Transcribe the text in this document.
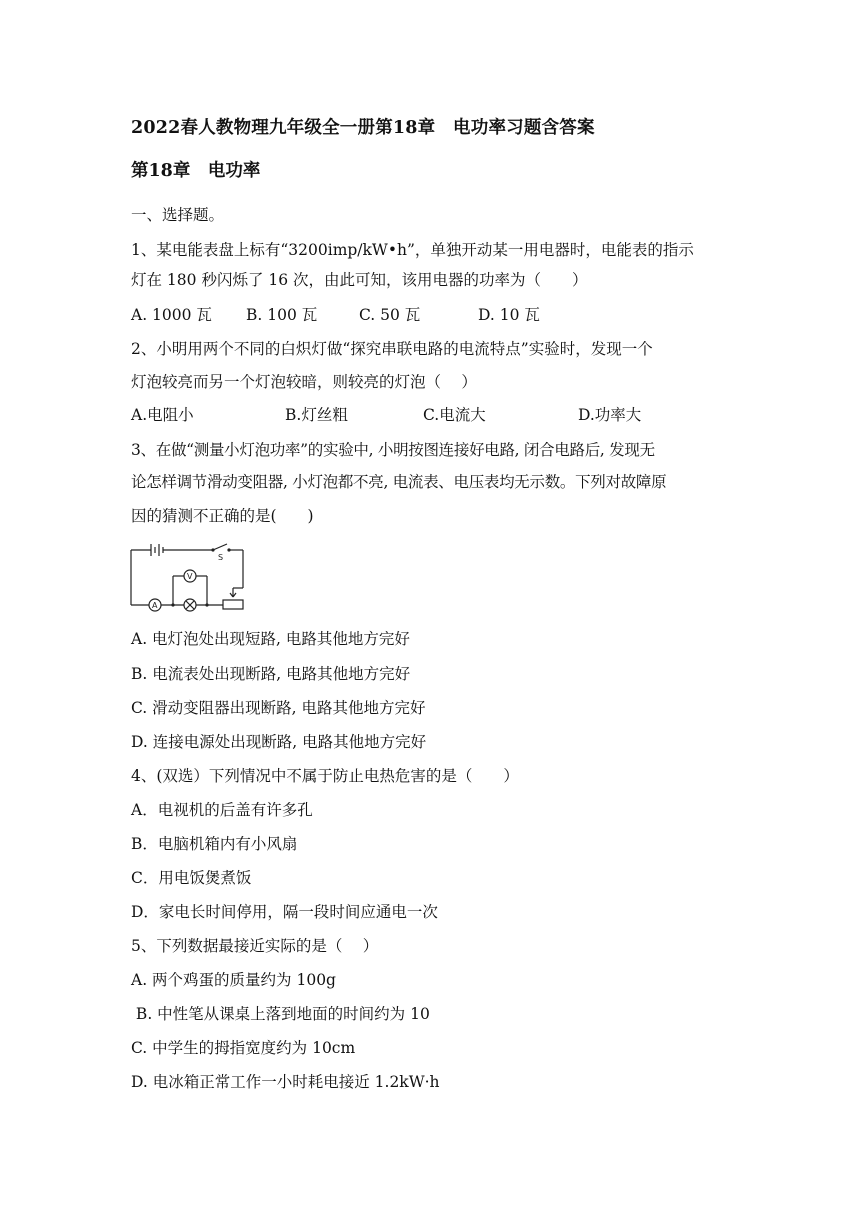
2022春人教物理九年级全一册第18章　电功率习题含答案
第18章　电功率
一、选择题。
1、某电能表盘上标有“3200imp/kW•h”，单独开动某一用电器时，电能表的指示
灯在 180 秒闪烁了 16 次，由此可知，该用电器的功率为（　　）
A. 1000 瓦 B. 100 瓦	C. 50 瓦	D. 10 瓦
2、小明用两个不同的白炽灯做“探究串联电路的电流特点”实验时，发现一个
灯泡较亮而另一个灯泡较暗，则较亮的灯泡（　 ）
A.电阻小	B.灯丝粗	C.电流大	D.功率大
3、在做“测量小灯泡功率”的实验中, 小明按图连接好电路, 闭合电路后, 发现无
论怎样调节滑动变阻器, 小灯泡都不亮, 电流表、电压表均无示数。下列对故障原
因的猜测不正确的是(　　)
S
A
V
A. 电灯泡处出现短路, 电路其他地方完好
B. 电流表处出现断路, 电路其他地方完好
C. 滑动变阻器出现断路, 电路其他地方完好
D. 连接电源处出现断路, 电路其他地方完好
4、(双选）下列情况中不属于防止电热危害的是（　　）
A．电视机的后盖有许多孔
B．电脑机箱内有小风扇
C．用电饭煲煮饭
D．家电长时间停用，隔一段时间应通电一次
5、下列数据最接近实际的是（　 ）
A. 两个鸡蛋的质量约为 100g
B. 中性笔从课桌上落到地面的时间约为 10
C. 中学生的拇指宽度约为 10cm
D. 电冰箱正常工作一小时耗电接近 1.2kW·h
